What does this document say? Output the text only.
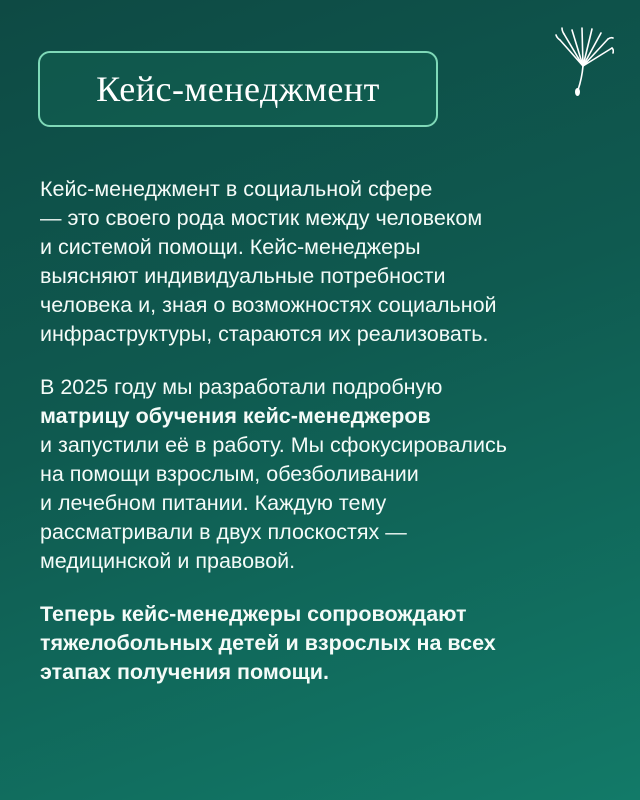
Кейс-менеджмент

Кейс-менеджмент в социальной сфере
— это своего рода мостик между человеком
и системой помощи. Кейс-менеджеры
выясняют индивидуальные потребности
человека и, зная о возможностях социальной
инфраструктуры, стараются их реализовать.

В 2025 году мы разработали подробную
матрицу обучения кейс-менеджеров
и запустили её в работу. Мы сфокусировались
на помощи взрослым, обезболивании
и лечебном питании. Каждую тему
рассматривали в двух плоскостях —
медицинской и правовой.

Теперь кейс-менеджеры сопровождают
тяжелобольных детей и взрослых на всех
этапах получения помощи.
